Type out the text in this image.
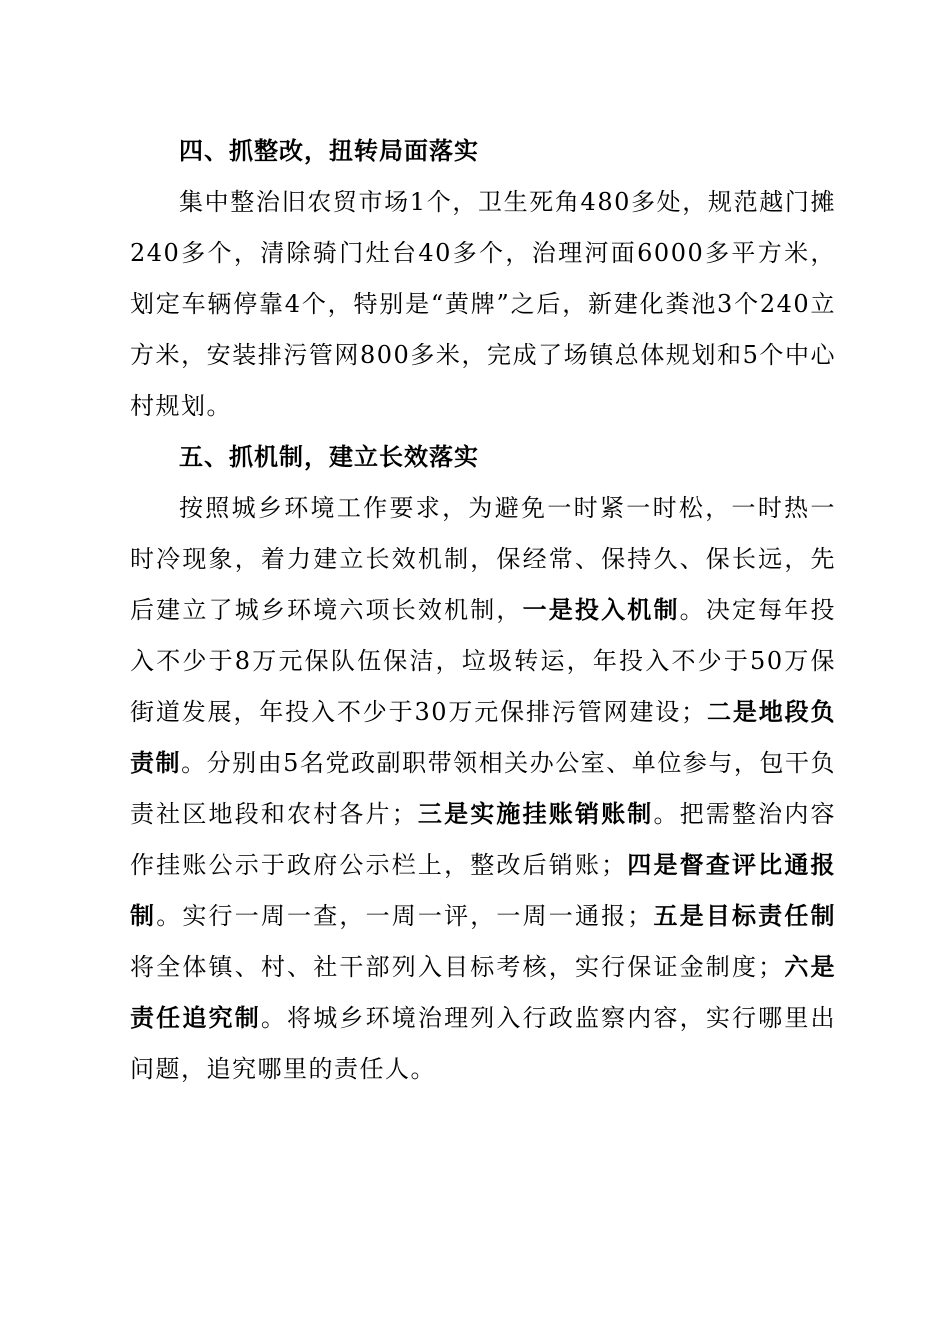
四、抓整改，扭转局面落实

集中整治旧农贸市场1个，卫生死角480多处，规范越门摊240多个，清除骑门灶台40多个，治理河面6000多平方米，划定车辆停靠4个，特别是“黄牌”之后，新建化粪池3个240立方米，安装排污管网800多米，完成了场镇总体规划和5个中心村规划。

五、抓机制，建立长效落实

按照城乡环境工作要求，为避免一时紧一时松，一时热一时冷现象，着力建立长效机制，保经常、保持久、保长远，先后建立了城乡环境六项长效机制，一是投入机制。决定每年投入不少于8万元保队伍保洁，垃圾转运，年投入不少于50万保街道发展，年投入不少于30万元保排污管网建设；二是地段负责制。分别由5名党政副职带领相关办公室、单位参与，包干负责社区地段和农村各片；三是实施挂账销账制。把需整治内容作挂账公示于政府公示栏上，整改后销账；四是督查评比通报制。实行一周一查，一周一评，一周一通报；五是目标责任制将全体镇、村、社干部列入目标考核，实行保证金制度；六是责任追究制。将城乡环境治理列入行政监察内容，实行哪里出问题，追究哪里的责任人。
